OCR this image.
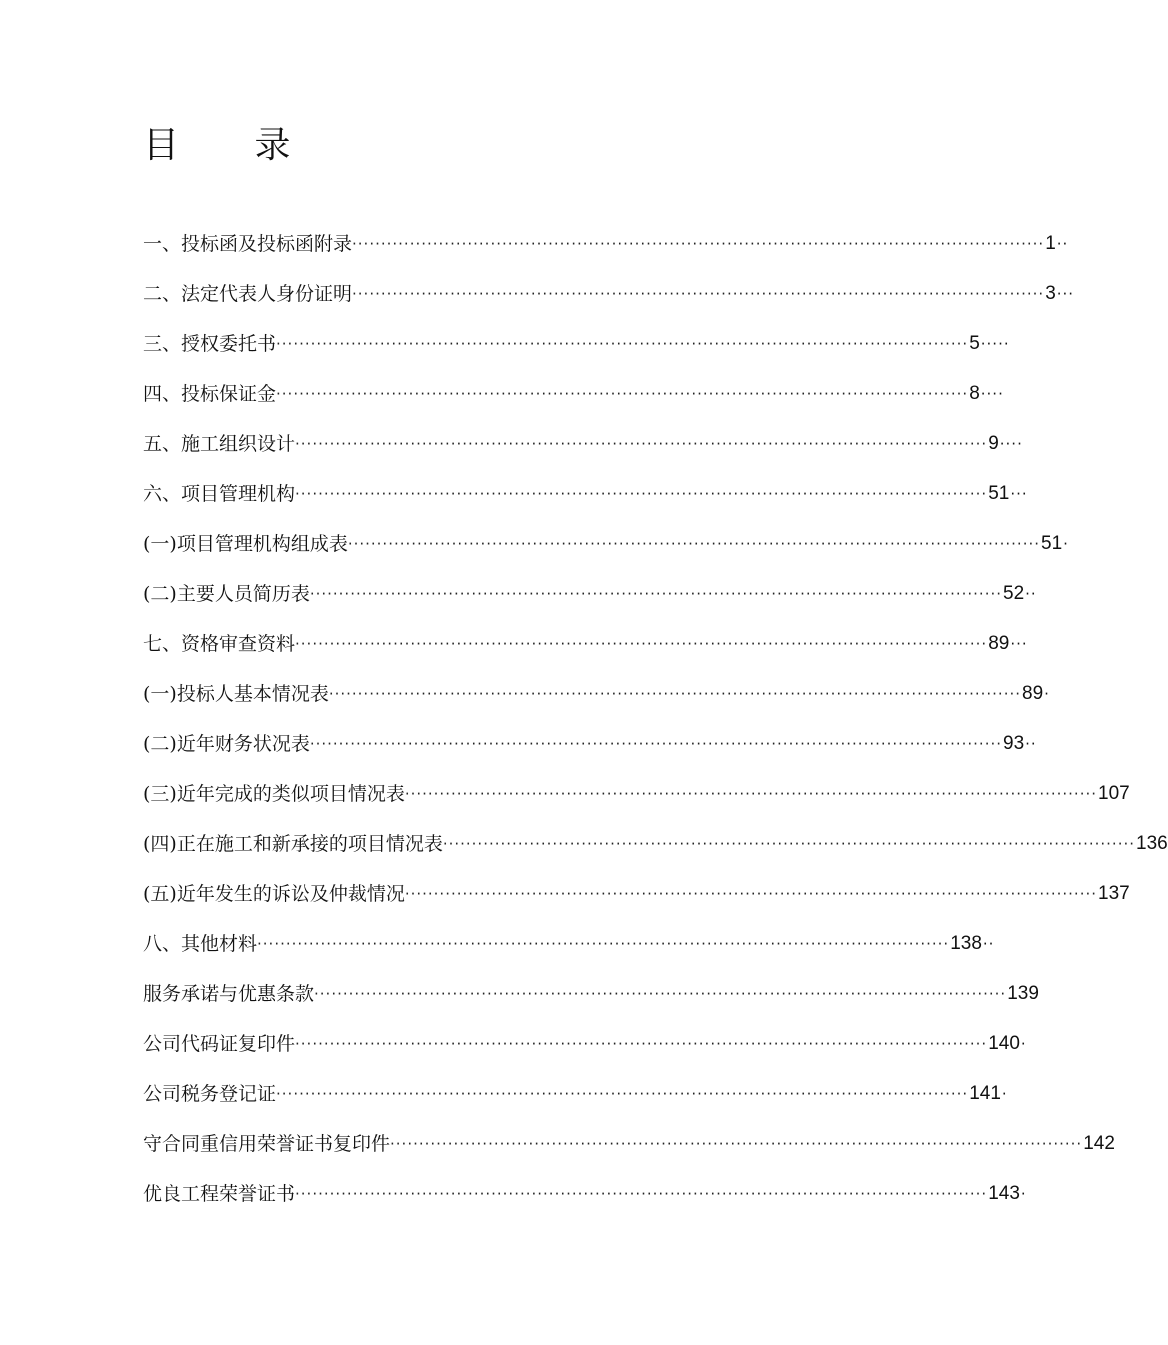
目 录
一、投标函及投标函附录 ························································································································ 1 ··
二、法定代表人身份证明 ························································································································ 3 ···
三、授权委托书 ························································································································ 5 ·····
四、投标保证金 ························································································································ 8 ····
五、施工组织设计 ························································································································ 9 ····
六、项目管理机构 ························································································································ 51 ···
(一)项目管理机构组成表 ························································································································ 51 ·
(二)主要人员简历表 ························································································································ 52 ··
七、资格审查资料 ························································································································ 89 ···
(一)投标人基本情况表 ························································································································ 89 ·
(二)近年财务状况表 ························································································································ 93 ··
(三)近年完成的类似项目情况表 ························································································································ 107
(四)正在施工和新承接的项目情况表 ························································································································ 136
(五)近年发生的诉讼及仲裁情况 ························································································································ 137
八、其他材料 ························································································································ 138 ··
服务承诺与优惠条款 ························································································································ 139
公司代码证复印件 ························································································································ 140 ·
公司税务登记证 ························································································································ 141 ·
守合同重信用荣誉证书复印件 ························································································································ 142
优良工程荣誉证书 ························································································································ 143 ·
